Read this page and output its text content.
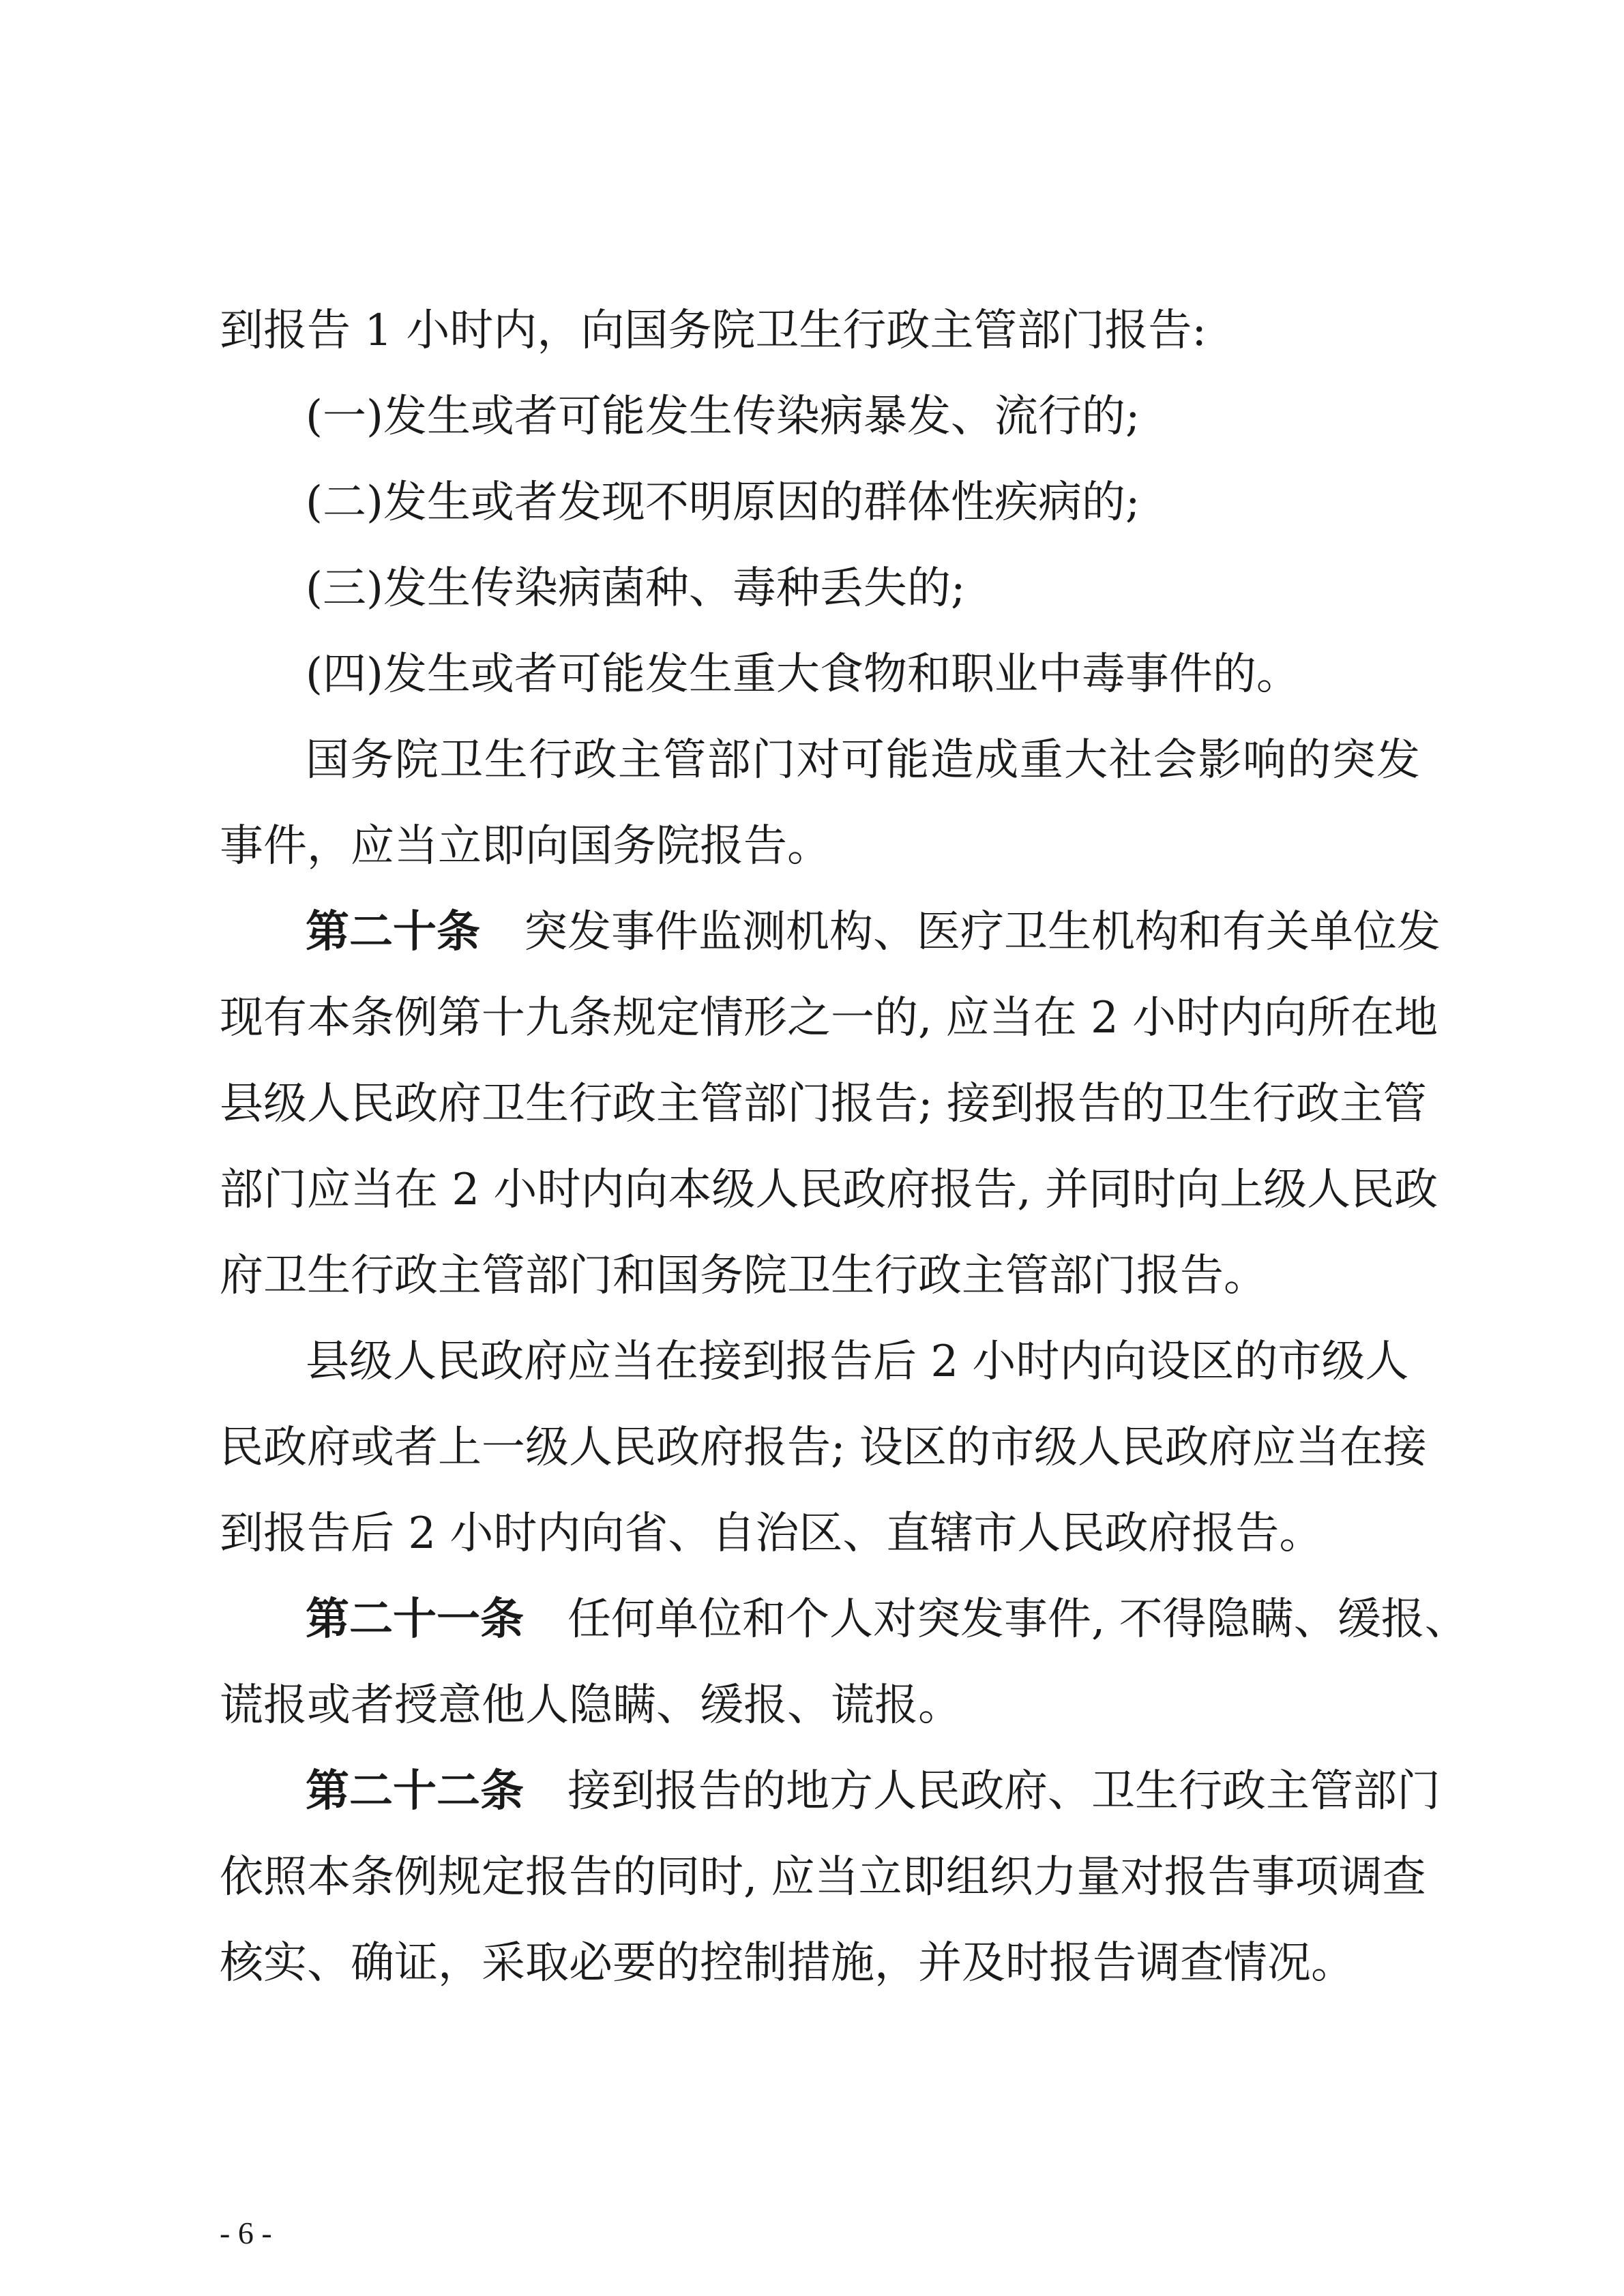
到报告 1 小时内，向国务院卫生行政主管部门报告:
(一)发生或者可能发生传染病暴发、流行的;
(二)发生或者发现不明原因的群体性疾病的;
(三)发生传染病菌种、毒种丢失的;
(四)发生或者可能发生重大食物和职业中毒事件的。
国务院卫生行政主管部门对可能造成重大社会影响的突发
事件，应当立即向国务院报告。
第二十条 突发事件监测机构、医疗卫生机构和有关单位发
现有本条例第十九条规定情形之一的, 应当在 2 小时内向所在地
县级人民政府卫生行政主管部门报告; 接到报告的卫生行政主管
部门应当在 2 小时内向本级人民政府报告, 并同时向上级人民政
府卫生行政主管部门和国务院卫生行政主管部门报告。
县级人民政府应当在接到报告后 2 小时内向设区的市级人
民政府或者上一级人民政府报告; 设区的市级人民政府应当在接
到报告后 2 小时内向省、自治区、直辖市人民政府报告。
第二十一条 任何单位和个人对突发事件, 不得隐瞒、缓报、
谎报或者授意他人隐瞒、缓报、谎报。
第二十二条 接到报告的地方人民政府、卫生行政主管部门
依照本条例规定报告的同时, 应当立即组织力量对报告事项调查
核实、确证，采取必要的控制措施，并及时报告调查情况。
- 6 -
